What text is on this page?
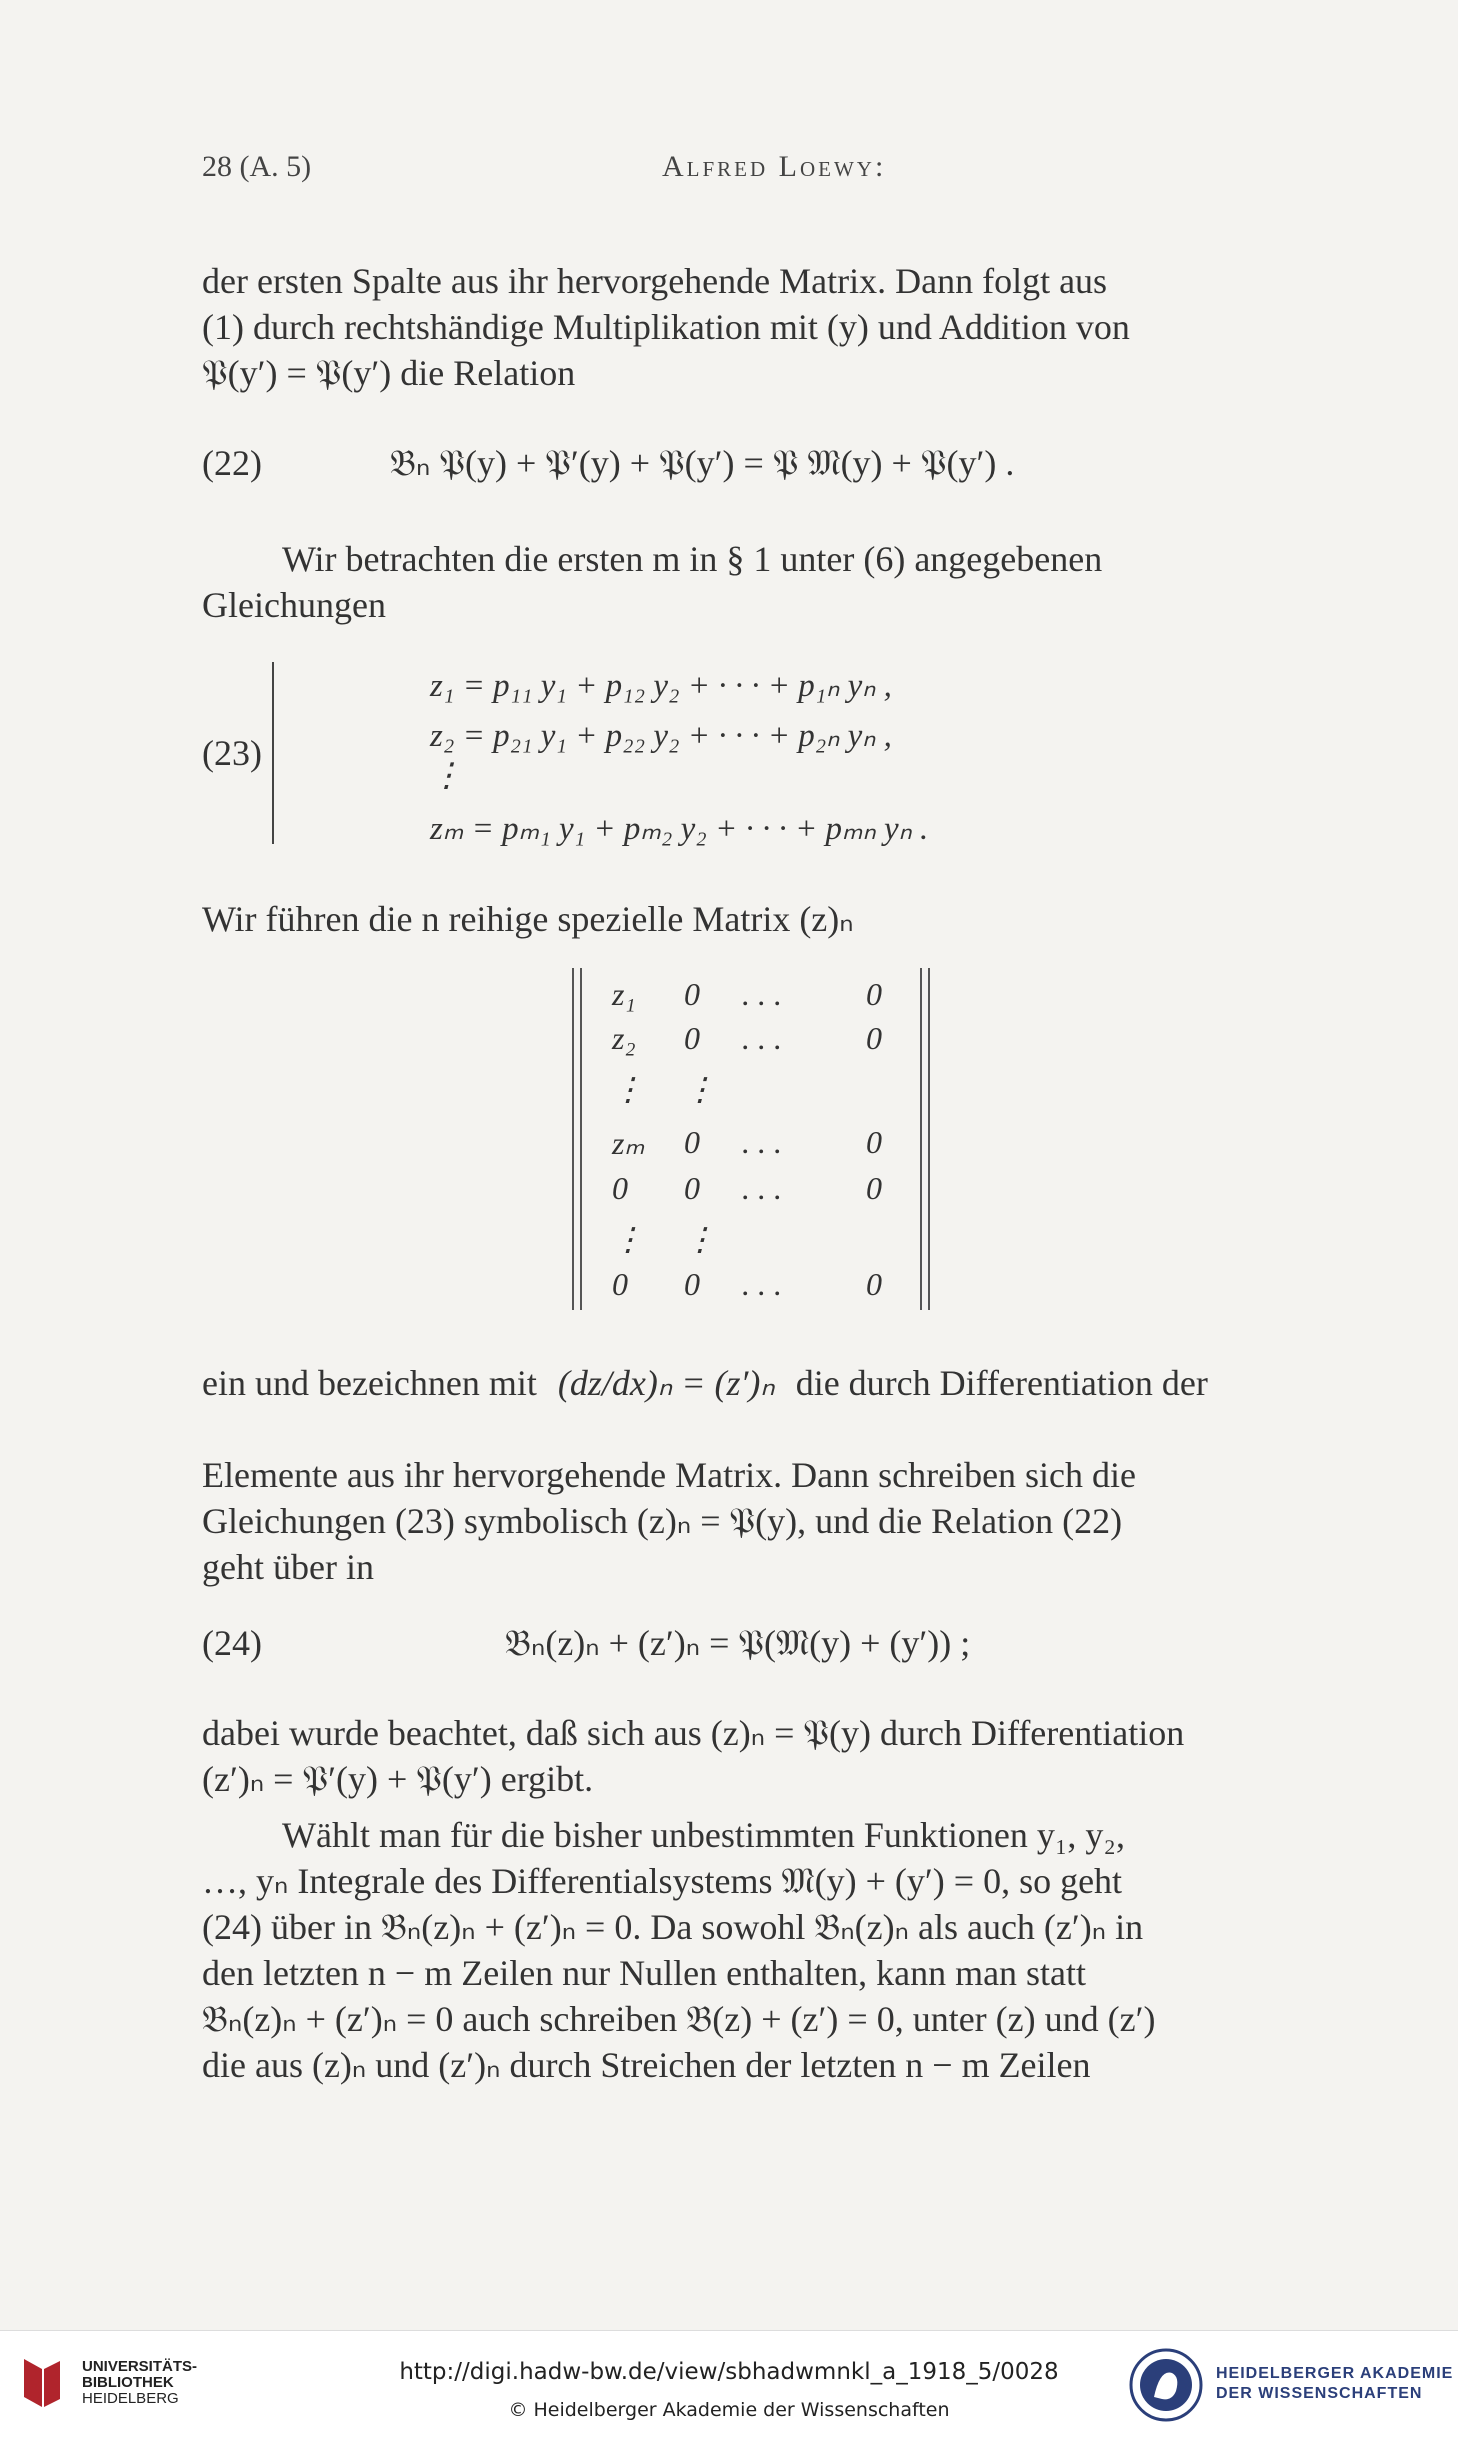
28 (A. 5)	Alfred Loewy:
der ersten Spalte aus ihr hervorgehende Matrix. Dann folgt aus
(1) durch rechtshändige Multiplikation mit (y) und Addition von
𝔓(y′) = 𝔓(y′) die Relation
(22)	𝔅ₙ 𝔓(y) + 𝔓′(y) + 𝔓(y′) = 𝔓 𝔐(y) + 𝔓(y′) .
Wir betrachten die ersten m in § 1 unter (6) angegebenen
Gleichungen
(23)
z₁ = p₁₁ y₁ + p₁₂ y₂ + · · · + p₁ₙ yₙ ,
z₂ = p₂₁ y₁ + p₂₂ y₂ + · · · + p₂ₙ yₙ ,
⋮
zₘ = pₘ₁ y₁ + pₘ₂ y₂ + · · · + pₘₙ yₙ .
Wir führen die n reihige spezielle Matrix (z)ₙ
z₁ 0 . . .	0
z₂ 0 . . .	0
⋮ ⋮
zₘ 0 . . .	0
0 0 . . .	0
⋮ ⋮
0 0 . . .	0
ein und bezeichnen mit (dz/dx)ₙ = (z′)ₙ die durch Differentiation der
Elemente aus ihr hervorgehende Matrix. Dann schreiben sich die
Gleichungen (23) symbolisch (z)ₙ = 𝔓(y), und die Relation (22)
geht über in
(24)	𝔅ₙ(z)ₙ + (z′)ₙ = 𝔓(𝔐(y) + (y′)) ;
dabei wurde beachtet, daß sich aus (z)ₙ = 𝔓(y) durch Differentiation
(z′)ₙ = 𝔓′(y) + 𝔓(y′) ergibt.
Wählt man für die bisher unbestimmten Funktionen y₁, y₂,
…, yₙ Integrale des Differentialsystems 𝔐(y) + (y′) = 0, so geht
(24) über in 𝔅ₙ(z)ₙ + (z′)ₙ = 0. Da sowohl 𝔅ₙ(z)ₙ als auch (z′)ₙ in
den letzten n − m Zeilen nur Nullen enthalten, kann man statt
𝔅ₙ(z)ₙ + (z′)ₙ = 0 auch schreiben 𝔅(z) + (z′) = 0, unter (z) und (z′)
die aus (z)ₙ und (z′)ₙ durch Streichen der letzten n − m Zeilen
UNIVERSITÄTS-
BIBLIOTHEK
HEIDELBERG
http://digi.hadw-bw.de/view/sbhadwmnkl_a_1918_5/0028
© Heidelberger Akademie der Wissenschaften
HEIDELBERGER AKADEMIE
DER WISSENSCHAFTEN
